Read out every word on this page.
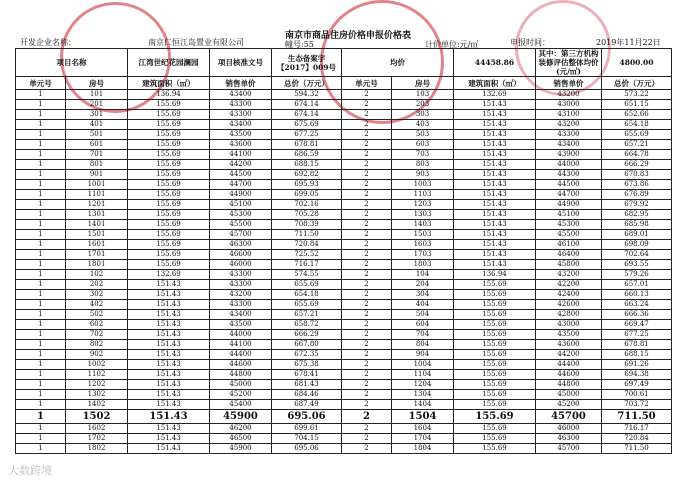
开发企业名称：	南京仁恒江岛置业有限公司
南京市商品住房价格申报价格表
幢号:55	计价单位:元/㎡	申报时间：	2019年11月22日
项目名称		江湾世纪花园澜园	项目核准文号	生态备案字【2017】009号	均价		44458.86	其中：第三方机构装修评估整体均价(元/㎡)	4800.00
单元号	房号	建筑面积（㎡）	销售单价	总价（万元）	单元号	房号	建筑面积（㎡）	销售单价	总价（万元）
1	101	136.94	43400	594.32	2	103	132.69	43200	573.22
1	201	155.69	43300	674.14	2	203	151.43	43000	651.15
1	301	155.69	43300	674.14	2	303	151.43	43100	652.66
1	401	155.69	43400	675.69	2	403	151.43	43200	654.18
1	501	155.69	43500	677.25	2	503	151.43	43300	655.69
1	601	155.69	43600	678.81	2	603	151.43	43400	657.21
1	701	155.69	44100	686.59	2	703	151.43	43900	664.78
1	801	155.69	44200	688.15	2	803	151.43	44000	666.29
1	901	155.69	44500	692.82	2	903	151.43	44300	670.83
1	1001	155.69	44700	695.93	2	1003	151.43	44500	673.86
1	1101	155.69	44900	699.05	2	1103	151.43	44700	676.89
1	1201	155.69	45100	702.16	2	1203	151.43	44900	679.92
1	1301	155.69	45300	705.28	2	1303	151.43	45100	682.95
1	1401	155.69	45500	708.39	2	1403	151.43	45300	685.98
1	1501	155.69	45700	711.50	2	1503	151.43	45500	689.01
1	1601	155.69	46300	720.84	2	1603	151.43	46100	698.09
1	1701	155.69	46600	725.52	2	1703	151.43	46400	702.64
1	1801	155.69	46000	716.17	2	1803	151.43	45800	693.55
1	102	132.69	43300	574.55	2	104	136.94	43200	579.26
1	202	151.43	43300	655.69	2	204	155.69	42200	657.01
1	302	151.43	43200	654.18	2	304	155.69	42400	660.13
1	402	151.43	43300	655.69	2	404	155.69	42600	663.24
1	502	151.43	43400	657.21	2	504	155.69	42800	666.36
1	602	151.43	43500	658.72	2	604	155.69	43000	669.47
1	702	151.43	44000	666.29	2	704	155.69	43500	677.25
1	802	151.43	44100	667.80	2	804	155.69	43600	678.81
1	902	151.43	44400	672.35	2	904	155.69	44200	688.15
1	1002	151.43	44600	675.38	2	1004	155.69	44400	691.26
1	1102	151.43	44800	678.41	2	1104	155.69	44600	694.38
1	1202	151.43	45000	681.43	2	1204	155.69	44800	697.49
1	1302	151.43	45200	684.46	2	1304	155.69	45000	700.61
1	1402	151.43	45400	687.49	2	1404	155.69	45200	703.72
1	1502	151.43	45900	695.06	2	1504	155.69	45700	711.50
1	1602	151.43	46200	699.61	2	1604	155.69	46000	716.17
1	1702	151.43	46500	704.15	2	1704	155.69	46300	720.84
1	1802	151.43	45900	695.06	2	1804	155.69	45700	711.50
大数跨境
